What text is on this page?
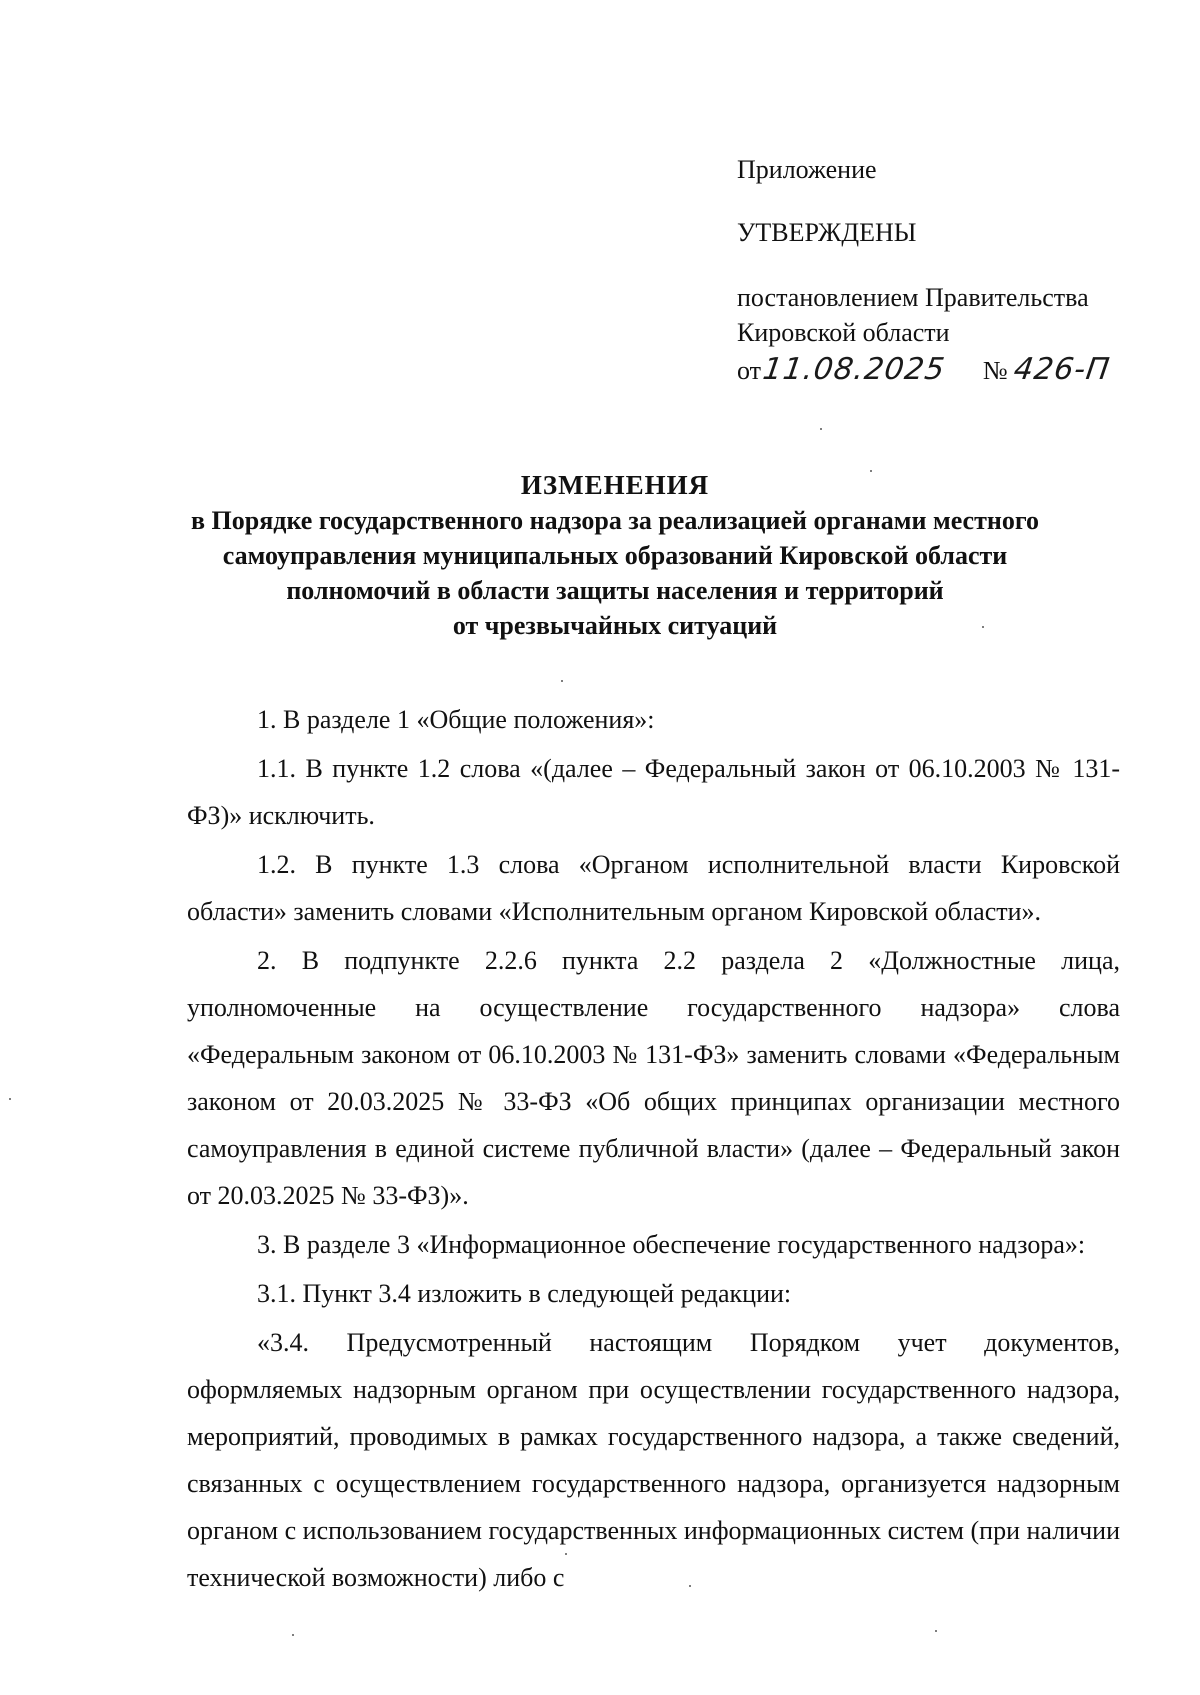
Приложение
УТВЕРЖДЕНЫ
постановлением Правительства
Кировской области
от11.08.2025 № 426-П
ИЗМЕНЕНИЯ
в Порядке государственного надзора за реализацией органами местного
самоуправления муниципальных образований Кировской области
полномочий в области защиты населения и территорий
от чрезвычайных ситуаций

1. В разделе 1 «Общие положения»:

1.1. В пункте 1.2 слова «(далее – Федеральный закон от 06.10.2003 № 131-ФЗ)» исключить.

1.2. В пункте 1.3 слова «Органом исполнительной власти Кировской области» заменить словами «Исполнительным органом Кировской области».

2. В подпункте 2.2.6 пункта 2.2 раздела 2 «Должностные лица, уполномоченные на осуществление государственного надзора» слова «Федеральным законом от 06.10.2003 № 131-ФЗ» заменить словами «Федеральным законом от 20.03.2025 № 33-ФЗ «Об общих принципах организации местного самоуправления в единой системе публичной власти» (далее – Федеральный закон от 20.03.2025 № 33-ФЗ)».

3. В разделе 3 «Информационное обеспечение государственного надзора»:

3.1. Пункт 3.4 изложить в следующей редакции:

«3.4. Предусмотренный настоящим Порядком учет документов, оформляемых надзорным органом при осуществлении государственного надзора, мероприятий, проводимых в рамках государственного надзора, а также сведений, связанных с осуществлением государственного надзора, организуется надзорным органом с использованием государственных информационных систем (при наличии технической возможности) либо с
